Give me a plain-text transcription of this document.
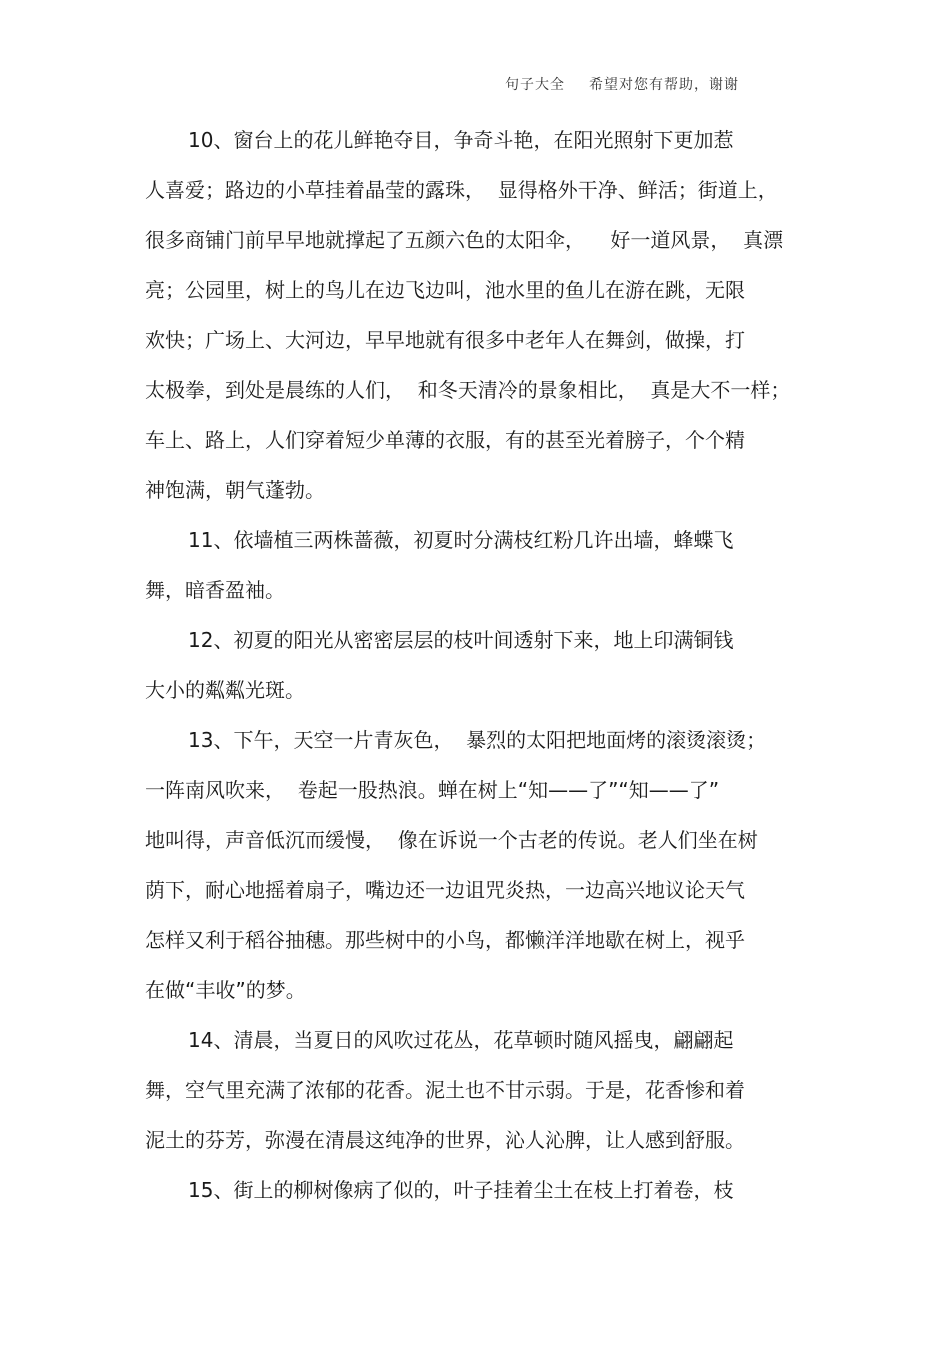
句子大全 希望对您有帮助，谢谢
10、窗台上的花儿鲜艳夺目，争奇斗艳，在阳光照射下更加惹
人喜爱；路边的小草挂着晶莹的露珠，  显得格外干净、鲜活；街道上，
很多商铺门前早早地就撑起了五颜六色的太阳伞，    好一道风景，  真漂
亮；公园里，树上的鸟儿在边飞边叫，池水里的鱼儿在游在跳，无限
欢快；广场上、大河边，早早地就有很多中老年人在舞剑，做操，打
太极拳，到处是晨练的人们，  和冬天清冷的景象相比，  真是大不一样；
车上、路上，人们穿着短少单薄的衣服，有的甚至光着膀子，个个精
神饱满，朝气蓬勃。
11、依墙植三两株蔷薇，初夏时分满枝红粉几许出墙，蜂蝶飞
舞，暗香盈袖。
12、初夏的阳光从密密层层的枝叶间透射下来，地上印满铜钱
大小的粼粼光斑。
13、下午，天空一片青灰色，  暴烈的太阳把地面烤的滚烫滚烫；
一阵南风吹来，  卷起一股热浪。蝉在树上“知——了”“知——了”
地叫得，声音低沉而缓慢，  像在诉说一个古老的传说。老人们坐在树
荫下，耐心地摇着扇子，嘴边还一边诅咒炎热，一边高兴地议论天气
怎样又利于稻谷抽穗。那些树中的小鸟，都懒洋洋地歇在树上，视乎
在做“丰收”的梦。
14、清晨，当夏日的风吹过花丛，花草顿时随风摇曳，翩翩起
舞，空气里充满了浓郁的花香。泥土也不甘示弱。于是，花香惨和着
泥土的芬芳，弥漫在清晨这纯净的世界，沁人沁脾，让人感到舒服。
15、街上的柳树像病了似的，叶子挂着尘土在枝上打着卷，枝
